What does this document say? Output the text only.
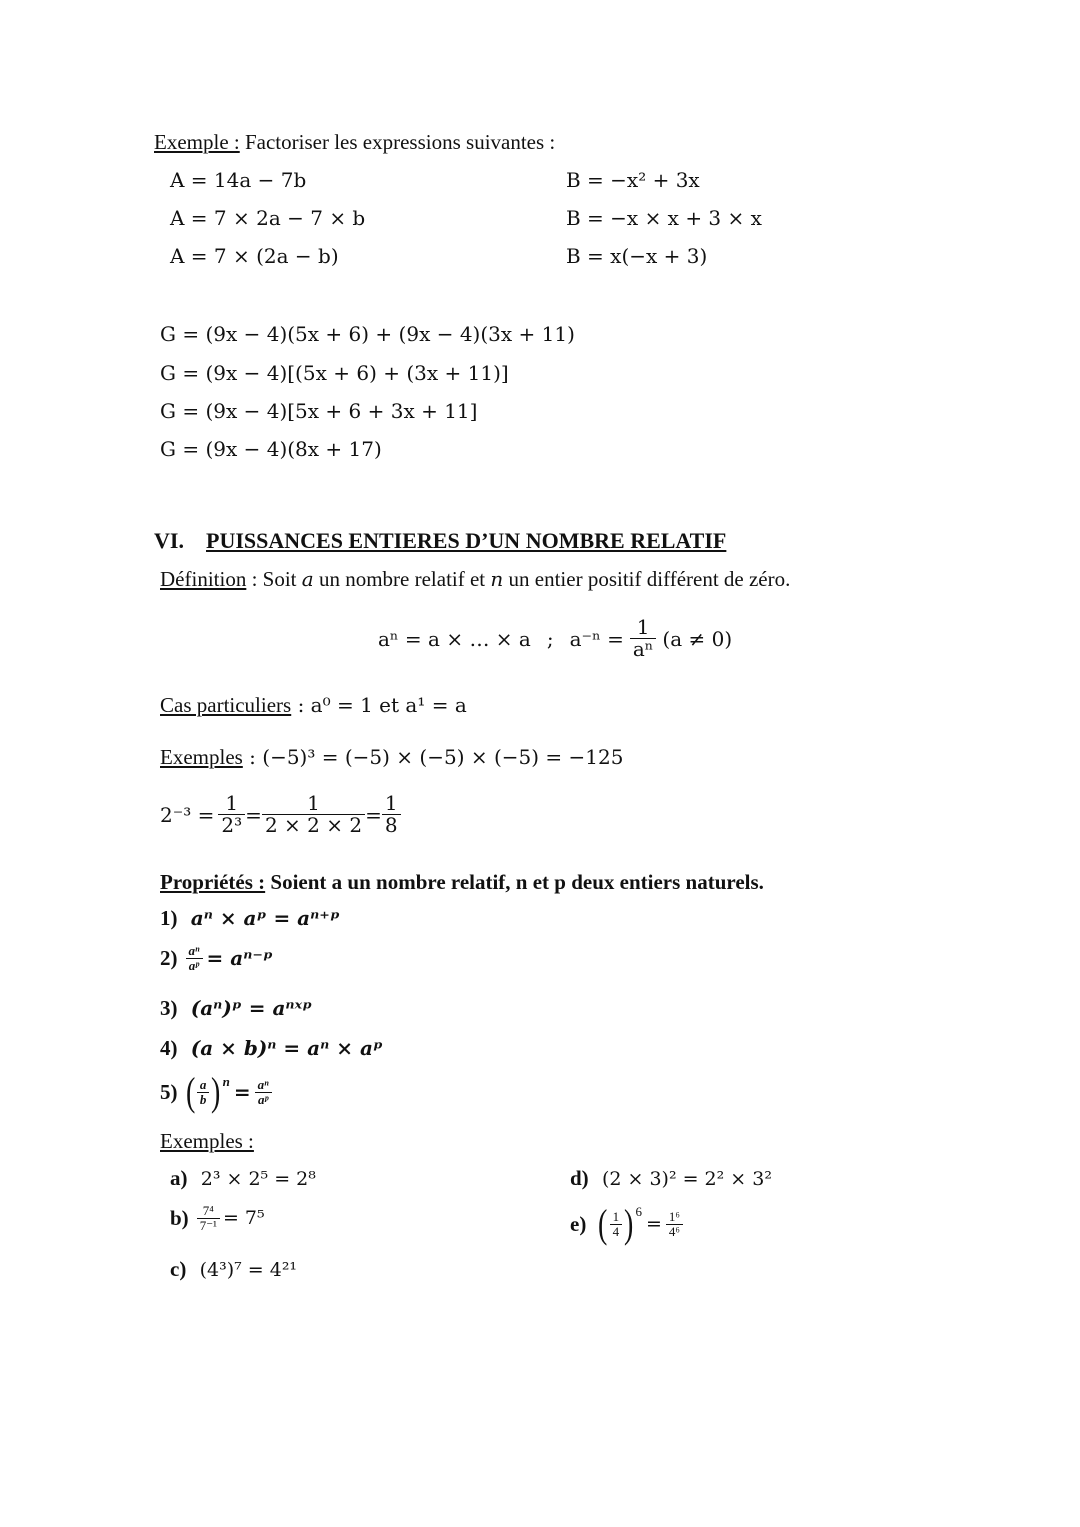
Exemple : Factoriser les expressions suivantes :
A = 14a − 7b
A = 7 × 2a − 7 × b
A = 7 × (2a − b)
B = −x² + 3x
B = −x × x + 3 × x
B = x(−x + 3)
G = (9x − 4)(5x + 6) + (9x − 4)(3x + 11)
G = (9x − 4)[(5x + 6) + (3x + 11)]
G = (9x − 4)[5x + 6 + 3x + 11]
G = (9x − 4)(8x + 17)
VI. PUISSANCES ENTIERES D’UN NOMBRE RELATIF
Définition : Soit a un nombre relatif et n un entier positif différent de zéro.
aⁿ = a × … × a ; $a^{-n} = \frac{1}{\text{aⁿ}} (a \ne 0)$
Cas particuliers : a⁰ = 1 et a¹ = a
Exemples : (−5)³ = (−5) × (−5) × (−5) = −125
$2^{-3} = \frac{1}{\text{2³}} = \frac{1}{2 \times 2 \times 2} = \frac{1}{8}$
Propriétés : Soient a un nombre relatif, n et p deux entiers naturels.
1) aⁿ × aᵖ = aⁿ⁺ᵖ
$2) \frac{\text{aⁿ}}{\text{aᵖ}}$ = aⁿ⁻ᵖ
3) (aⁿ)ᵖ = aⁿˣᵖ
4) (a × b)ⁿ = aⁿ × aᵖ
5) ( $\frac{a}{b}$ ) $n = \frac{\text{aⁿ}}{\text{aᵖ}}$
Exemples :
a) 2³ × 2⁵ = 2⁸
$b) \frac{\text{7⁴}}{\text{7⁻¹}} = 7^5$
c) (4³)⁷ = 4²¹
d) (2 × 3)² = 2² × 3²
e) ( $\frac{1}{4}$ ) 6
= $\frac{\text{1⁶}}{\text{4⁶}}$
